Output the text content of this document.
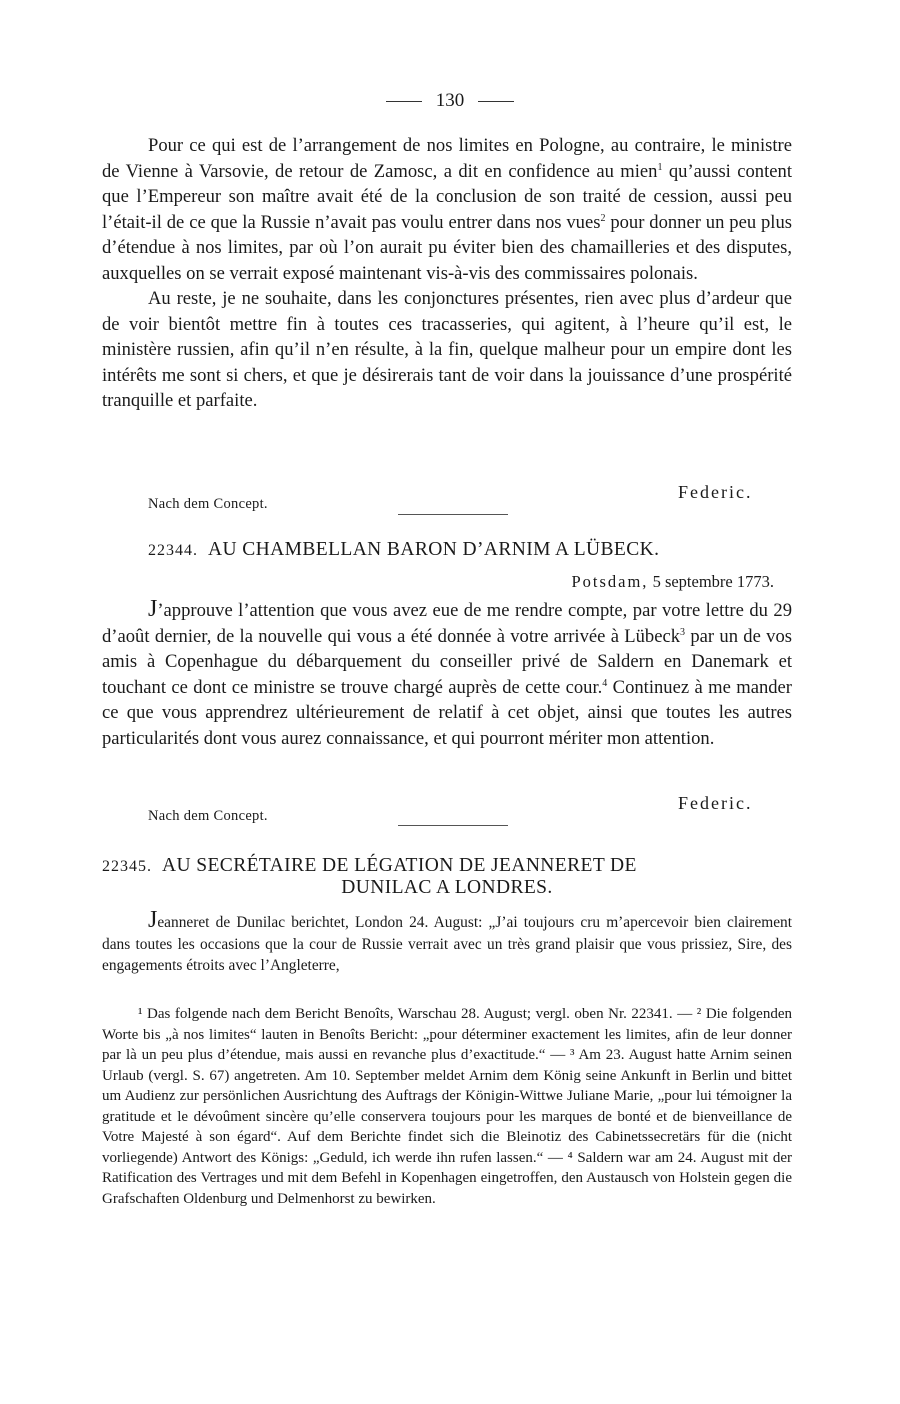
130

Pour ce qui est de l’arrangement de nos limites en Pologne, au contraire, le ministre de Vienne à Varsovie, de retour de Zamosc, a dit en confidence au mien$^1$ qu’aussi content que l’Empereur son maître avait été de la conclusion de son traité de cession, aussi peu l’était-il de ce que la Russie n’avait pas voulu entrer dans nos vues$^2$ pour donner un peu plus d’étendue à nos limites, par où l’on aurait pu éviter bien des chamailleries et des disputes, auxquelles on se verrait exposé maintenant vis-à-vis des commissaires polonais.

Au reste, je ne souhaite, dans les conjonctures présentes, rien avec plus d’ardeur que de voir bientôt mettre fin à toutes ces tracasseries, qui agitent, à l’heure qu’il est, le ministère russien, afin qu’il n’en résulte, à la fin, quelque malheur pour un empire dont les intérêts me sont si chers, et que je désirerais tant de voir dans la jouissance d’une prospérité tranquille et parfaite.

Federic.
Nach dem Concept.
22344. AU CHAMBELLAN BARON D’ARNIM A LÜBECK.
Potsdam, 5 septembre 1773.

J’approuve l’attention que vous avez eue de me rendre compte, par votre lettre du 29 d’août dernier, de la nouvelle qui vous a été donnée à votre arrivée à Lübeck$^3$ par un de vos amis à Copenhague du débarquement du conseiller privé de Saldern en Danemark et touchant ce dont ce ministre se trouve chargé auprès de cette cour.$^4$ Continuez à me mander ce que vous apprendrez ultérieurement de relatif à cet objet, ainsi que toutes les autres particularités dont vous aurez connaissance, et qui pourront mériter mon attention.

Federic.
Nach dem Concept.
22345. AU SECRÉTAIRE DE LÉGATION DE JEANNERET DE
DUNILAC A LONDRES.

Jeanneret de Dunilac berichtet, London 24. August: „J’ai toujours cru m’apercevoir bien clairement dans toutes les occasions que la cour de Russie verrait avec un très grand plaisir que vous prissiez, Sire, des engagements étroits avec l’Angleterre,

¹ Das folgende nach dem Bericht Benoîts, Warschau 28. August; vergl. oben Nr. 22341. — ² Die folgenden Worte bis „à nos limites“ lauten in Benoîts Bericht: „pour déterminer exactement les limites, afin de leur donner par là un peu plus d’étendue, mais aussi en revanche plus d’exactitude.“ — ³ Am 23. August hatte Arnim seinen Urlaub (vergl. S. 67) angetreten. Am 10. September meldet Arnim dem König seine Ankunft in Berlin und bittet um Audienz zur persönlichen Ausrichtung des Auftrags der Königin-Wittwe Juliane Marie, „pour lui témoigner la gratitude et le dévoûment sincère qu’elle conservera toujours pour les marques de bonté et de bienveillance de Votre Majesté à son égard“. Auf dem Berichte findet sich die Bleinotiz des Cabinetssecretärs für die (nicht vorliegende) Antwort des Königs: „Geduld, ich werde ihn rufen lassen.“ — ⁴ Saldern war am 24. August mit der Ratification des Vertrages und mit dem Befehl in Kopenhagen eingetroffen, den Austausch von Holstein gegen die Grafschaften Oldenburg und Delmenhorst zu bewirken.
